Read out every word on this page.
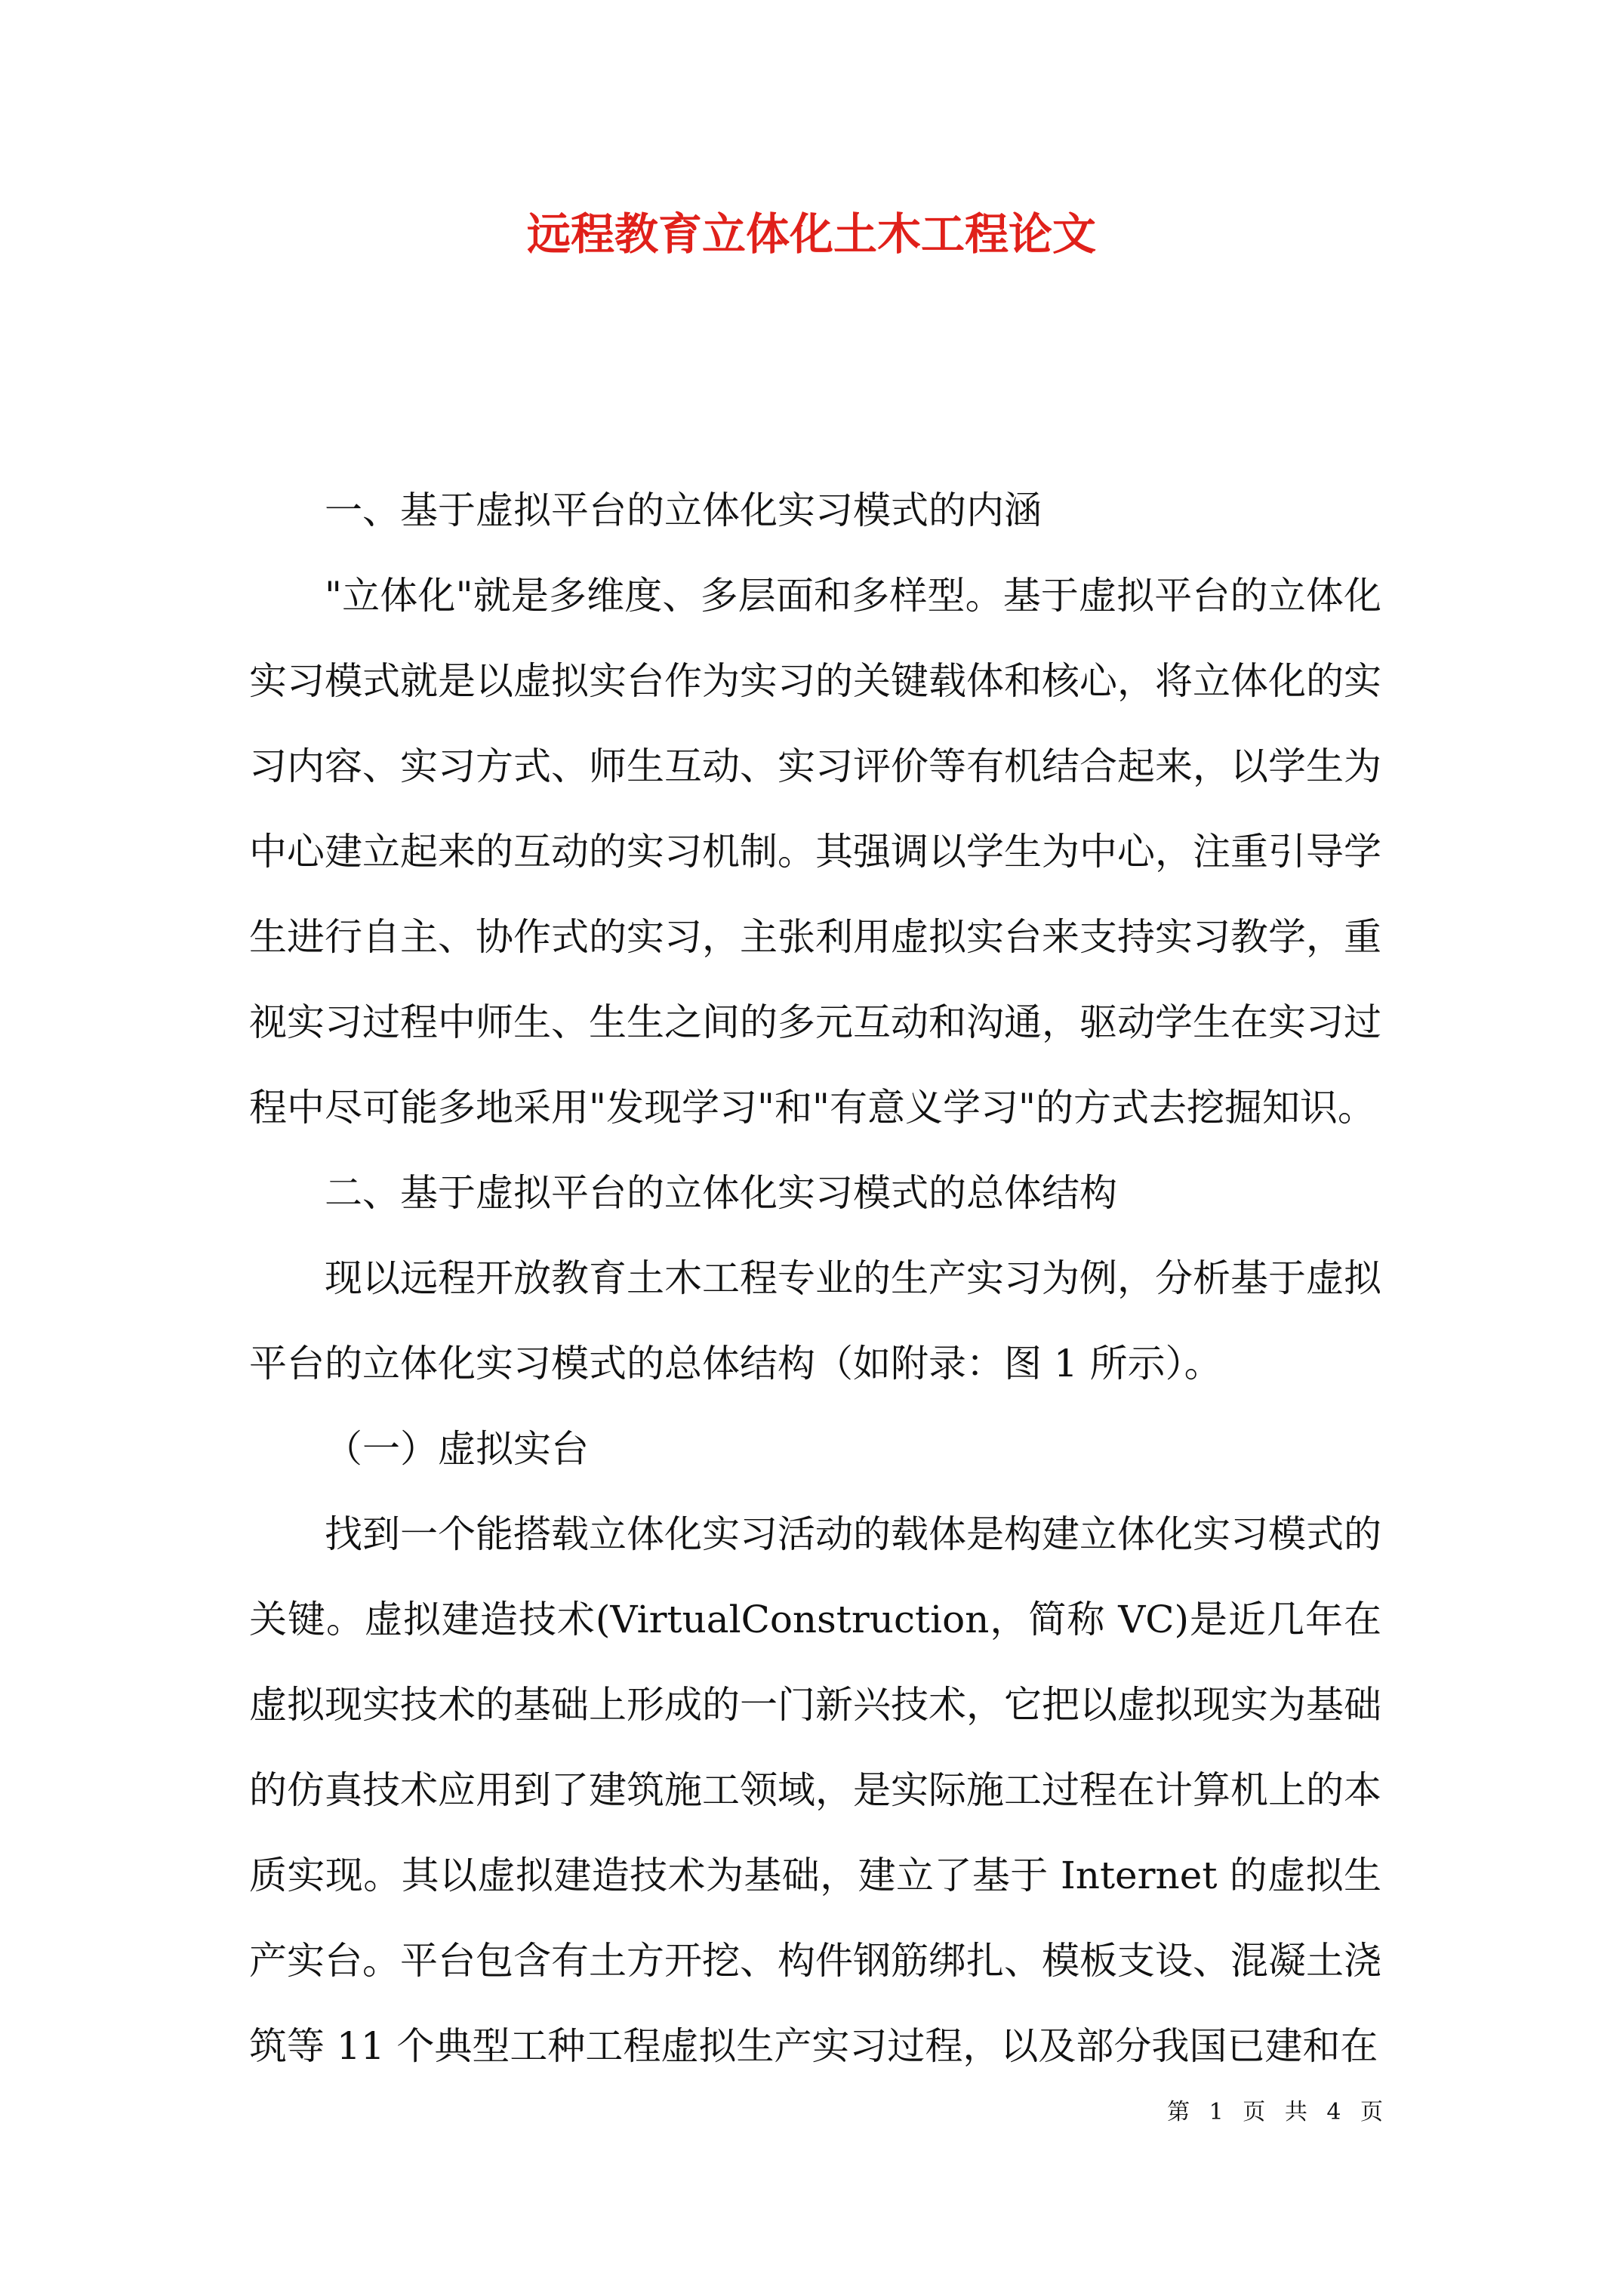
远程教育立体化土木工程论文

一、基于虚拟平台的立体化实习模式的内涵

"立体化"就是多维度、多层面和多样型。基于虚拟平台的立体化实习模式就是以虚拟实台作为实习的关键载体和核心，将立体化的实习内容、实习方式、师生互动、实习评价等有机结合起来，以学生为中心建立起来的互动的实习机制。其强调以学生为中心，注重引导学生进行自主、协作式的实习，主张利用虚拟实台来支持实习教学，重视实习过程中师生、生生之间的多元互动和沟通，驱动学生在实习过程中尽可能多地采用"发现学习"和"有意义学习"的方式去挖掘知识。

二、基于虚拟平台的立体化实习模式的总体结构

现以远程开放教育土木工程专业的生产实习为例，分析基于虚拟平台的立体化实习模式的总体结构（如附录：图 1 所示）。

（一）虚拟实台

找到一个能搭载立体化实习活动的载体是构建立体化实习模式的关键。虚拟建造技术(VirtualConstruction，简称 VC)是近几年在虚拟现实技术的基础上形成的一门新兴技术，它把以虚拟现实为基础的仿真技术应用到了建筑施工领域，是实际施工过程在计算机上的本质实现。其以虚拟建造技术为基础，建立了基于 Internet 的虚拟生产实台。平台包含有土方开挖、构件钢筋绑扎、模板支设、混凝土浇筑等 11 个典型工种工程虚拟生产实习过程，以及部分我国已建和在

第 1 页 共 4 页
